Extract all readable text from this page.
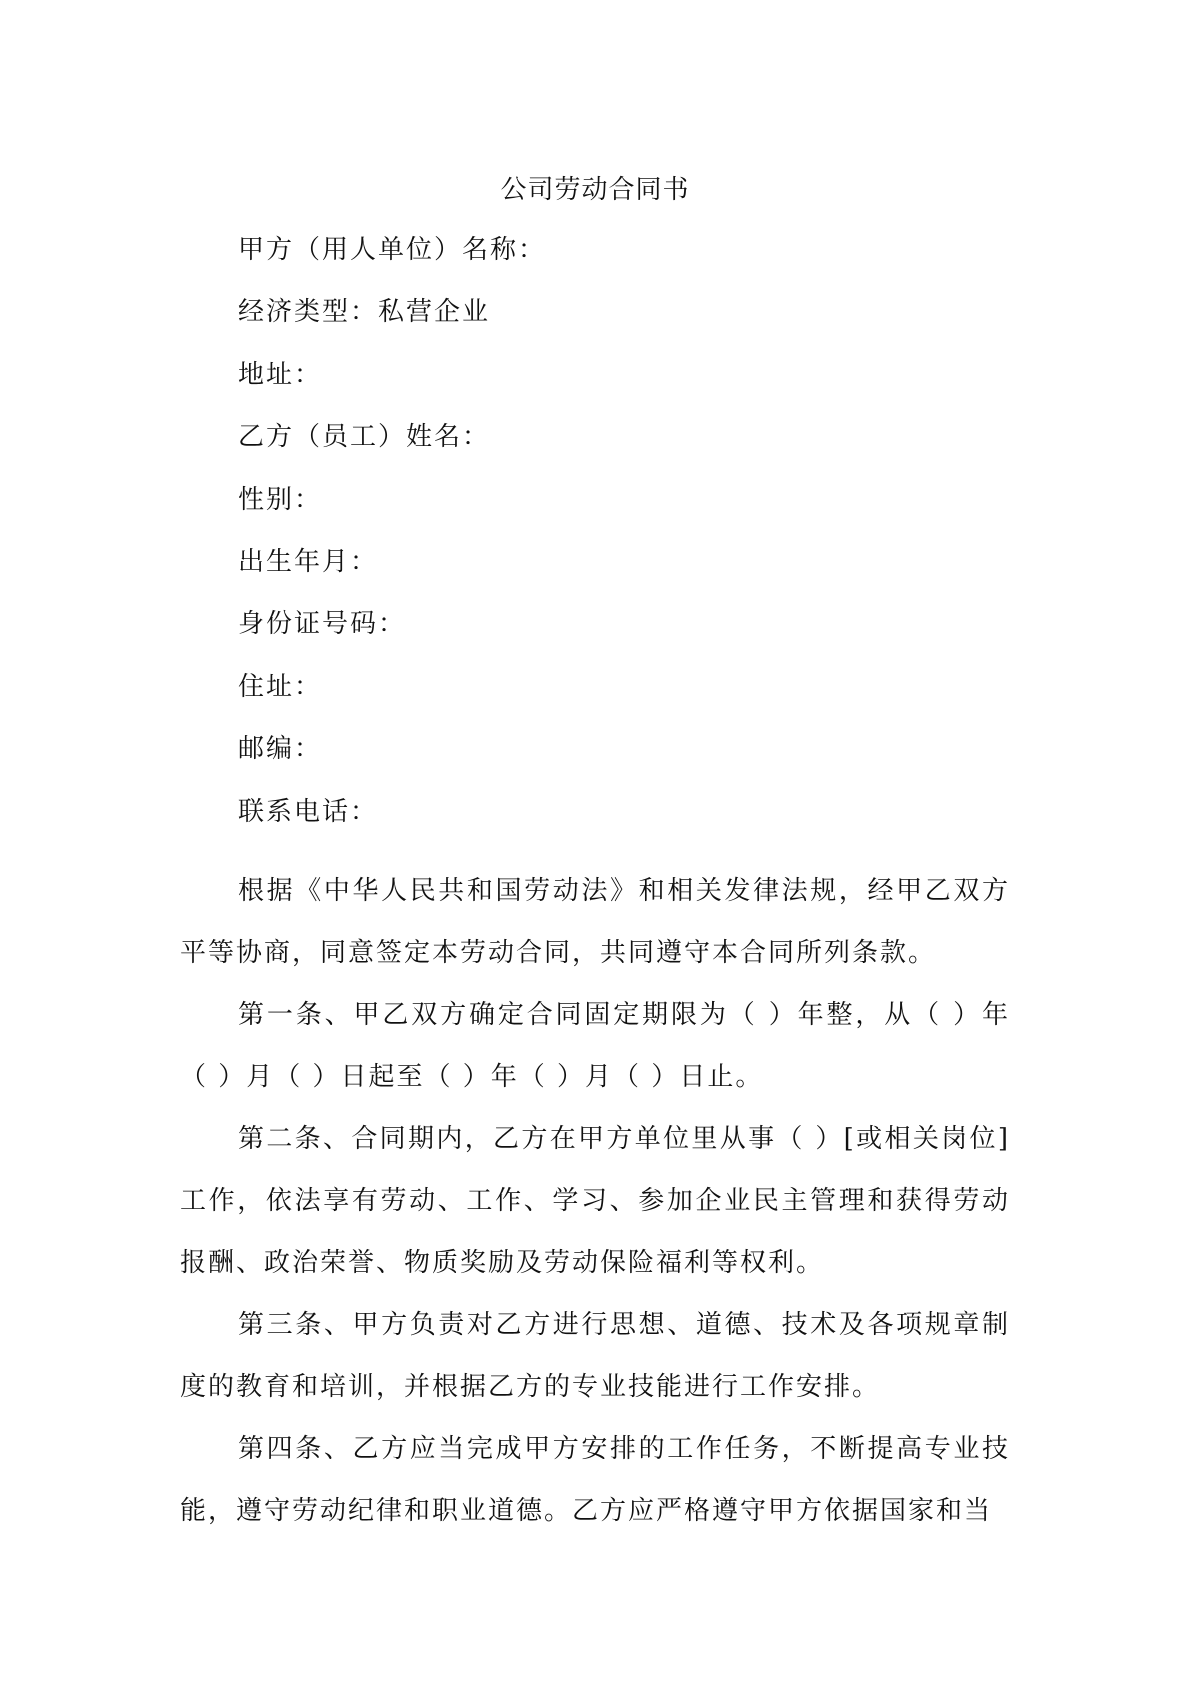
公司劳动合同书
甲方（用人单位）名称：
经济类型：私营企业
地址：
乙方（员工）姓名：
性别：
出生年月：
身份证号码：
住址：
邮编：
联系电话：

根据《中华人民共和国劳动法》和相关发律法规，经甲乙双方平等协商，同意签定本劳动合同，共同遵守本合同所列条款。

第一条、甲乙双方确定合同固定期限为（ ）年整，从（ ）年（ ）月（ ）日起至（ ）年（ ）月（ ）日止。

第二条、合同期内，乙方在甲方单位里从事（ ）[或相关岗位]工作，依法享有劳动、工作、学习、参加企业民主管理和获得劳动报酬、政治荣誉、物质奖励及劳动保险福利等权利。

第三条、甲方负责对乙方进行思想、道德、技术及各项规章制度的教育和培训，并根据乙方的专业技能进行工作安排。

第四条、乙方应当完成甲方安排的工作任务，不断提高专业技能，遵守劳动纪律和职业道德。乙方应严格遵守甲方依据国家和当
